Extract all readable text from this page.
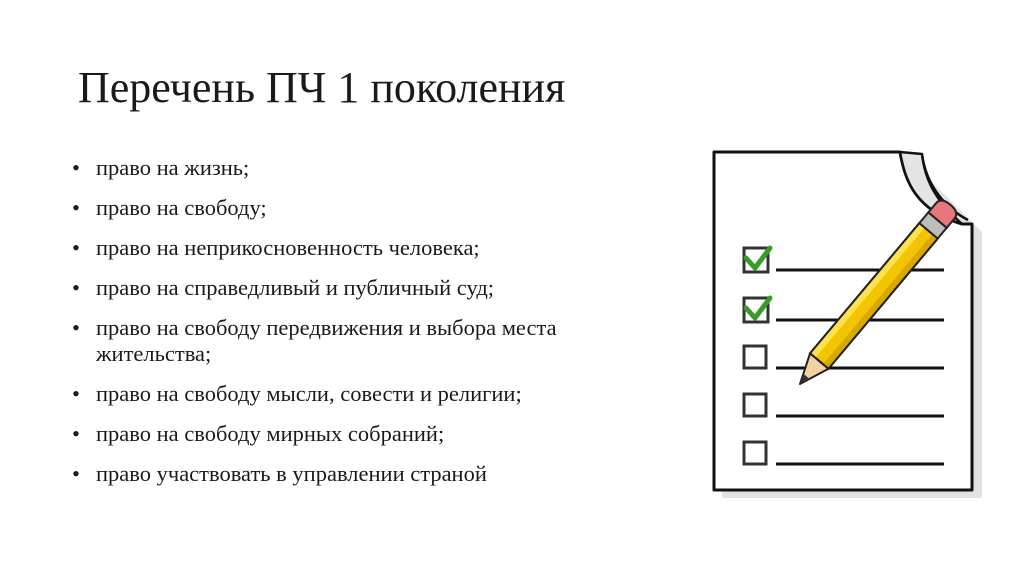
Перечень ПЧ 1 поколения
• право на жизнь;
• право на свободу;
• право на неприкосновенность человека;
• право на справедливый и публичный суд;
• право на свободу передвижения и выбора места жительства;
• право на свободу мысли, совести и религии;
• право на свободу мирных собраний;
• право участвовать в управлении страной
